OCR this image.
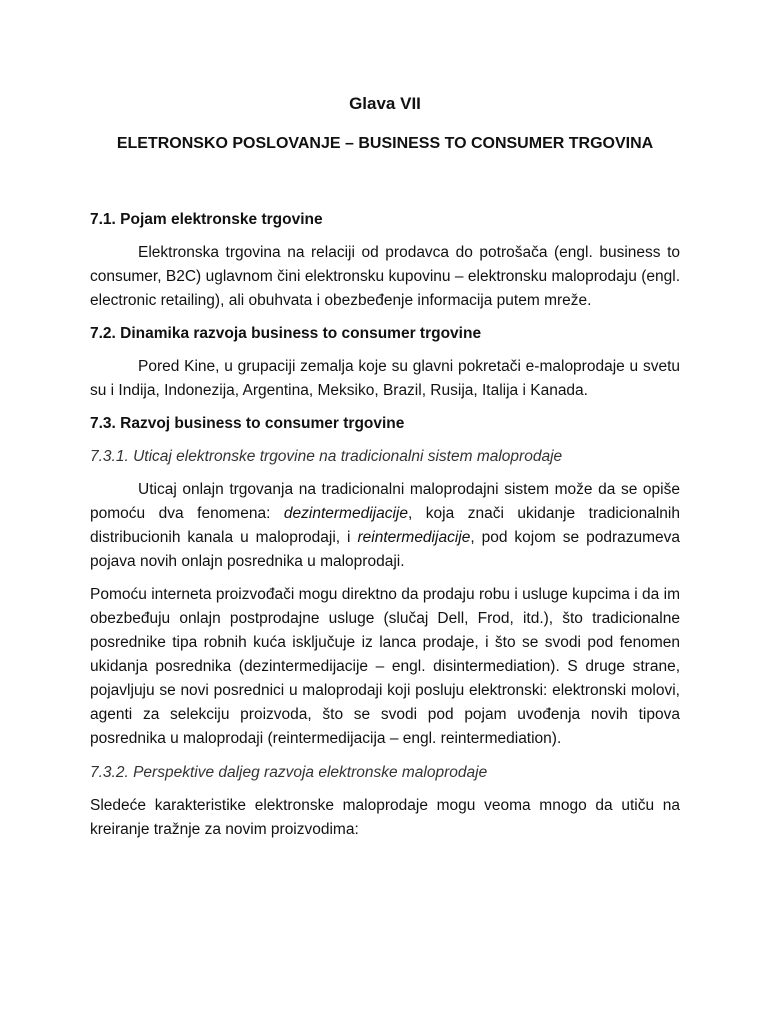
Glava VII
ELETRONSKO POSLOVANJE – BUSINESS TO CONSUMER TRGOVINA
7.1. Pojam elektronske trgovine

Elektronska trgovina na relaciji od prodavca do potrošača (engl. business to consumer, B2C) uglavnom čini elektronsku kupovinu – elektronsku maloprodaju (engl. electronic retailing), ali obuhvata i obezbeđenje informacija putem mreže.

7.2. Dinamika razvoja business to consumer trgovine

Pored Kine, u grupaciji zemalja koje su glavni pokretači e-maloprodaje u svetu su i Indija, Indonezija, Argentina, Meksiko, Brazil, Rusija, Italija i Kanada.

7.3. Razvoj business to consumer trgovine
7.3.1. Uticaj elektronske trgovine na tradicionalni sistem maloprodaje

Uticaj onlajn trgovanja na tradicionalni maloprodajni sistem može da se opiše pomoću dva fenomena: dezintermedijacije, koja znači ukidanje tradicionalnih distribucionih kanala u maloprodaji, i reintermedijacije, pod kojom se podrazumeva pojava novih onlajn posrednika u maloprodaji.

Pomoću interneta proizvođači mogu direktno da prodaju robu i usluge kupcima i da im obezbeđuju onlajn postprodajne usluge (slučaj Dell, Frod, itd.), što tradicionalne posrednike tipa robnih kuća isključuje iz lanca prodaje, i što se svodi pod fenomen ukidanja posrednika (dezintermedijacije – engl. disintermediation). S druge strane, pojavljuju se novi posrednici u maloprodaji koji posluju elektronski: elektronski molovi, agenti za selekciju proizvoda, što se svodi pod pojam uvođenja novih tipova posrednika u maloprodaji (reintermedijacija – engl. reintermediation).

7.3.2. Perspektive daljeg razvoja elektronske maloprodaje

Sledeće karakteristike elektronske maloprodaje mogu veoma mnogo da utiču na kreiranje tražnje za novim proizvodima:
